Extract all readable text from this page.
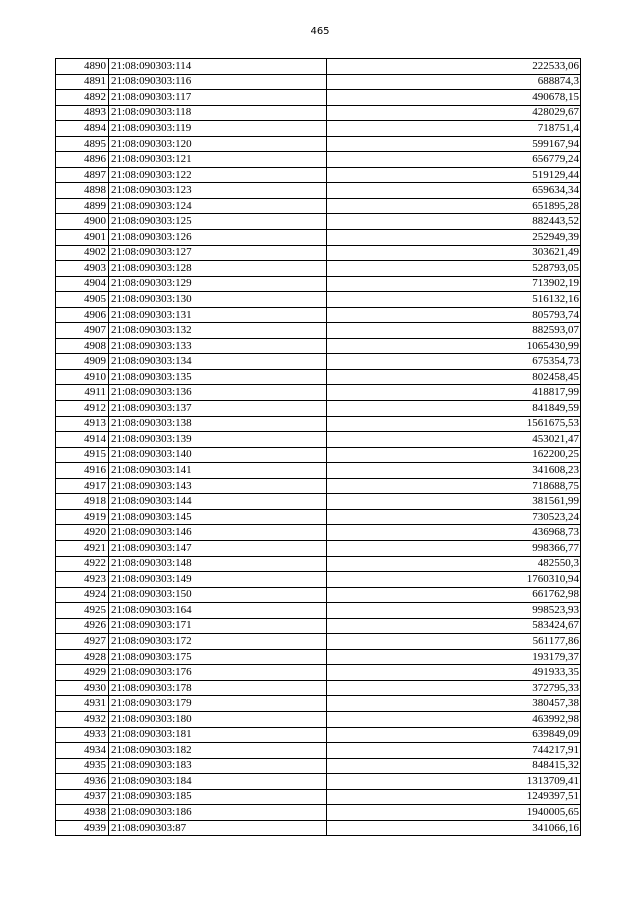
465
4890	21:08:090303:114	222533,06
4891	21:08:090303:116	688874,3
4892	21:08:090303:117	490678,15
4893	21:08:090303:118	428029,67
4894	21:08:090303:119	718751,4
4895	21:08:090303:120	599167,94
4896	21:08:090303:121	656779,24
4897	21:08:090303:122	519129,44
4898	21:08:090303:123	659634,34
4899	21:08:090303:124	651895,28
4900	21:08:090303:125	882443,52
4901	21:08:090303:126	252949,39
4902	21:08:090303:127	303621,49
4903	21:08:090303:128	528793,05
4904	21:08:090303:129	713902,19
4905	21:08:090303:130	516132,16
4906	21:08:090303:131	805793,74
4907	21:08:090303:132	882593,07
4908	21:08:090303:133	1065430,99
4909	21:08:090303:134	675354,73
4910	21:08:090303:135	802458,45
4911	21:08:090303:136	418817,99
4912	21:08:090303:137	841849,59
4913	21:08:090303:138	1561675,53
4914	21:08:090303:139	453021,47
4915	21:08:090303:140	162200,25
4916	21:08:090303:141	341608,23
4917	21:08:090303:143	718688,75
4918	21:08:090303:144	381561,99
4919	21:08:090303:145	730523,24
4920	21:08:090303:146	436968,73
4921	21:08:090303:147	998366,77
4922	21:08:090303:148	482550,3
4923	21:08:090303:149	1760310,94
4924	21:08:090303:150	661762,98
4925	21:08:090303:164	998523,93
4926	21:08:090303:171	583424,67
4927	21:08:090303:172	561177,86
4928	21:08:090303:175	193179,37
4929	21:08:090303:176	491933,35
4930	21:08:090303:178	372795,33
4931	21:08:090303:179	380457,38
4932	21:08:090303:180	463992,98
4933	21:08:090303:181	639849,09
4934	21:08:090303:182	744217,91
4935	21:08:090303:183	848415,32
4936	21:08:090303:184	1313709,41
4937	21:08:090303:185	1249397,51
4938	21:08:090303:186	1940005,65
4939	21:08:090303:87	341066,16
